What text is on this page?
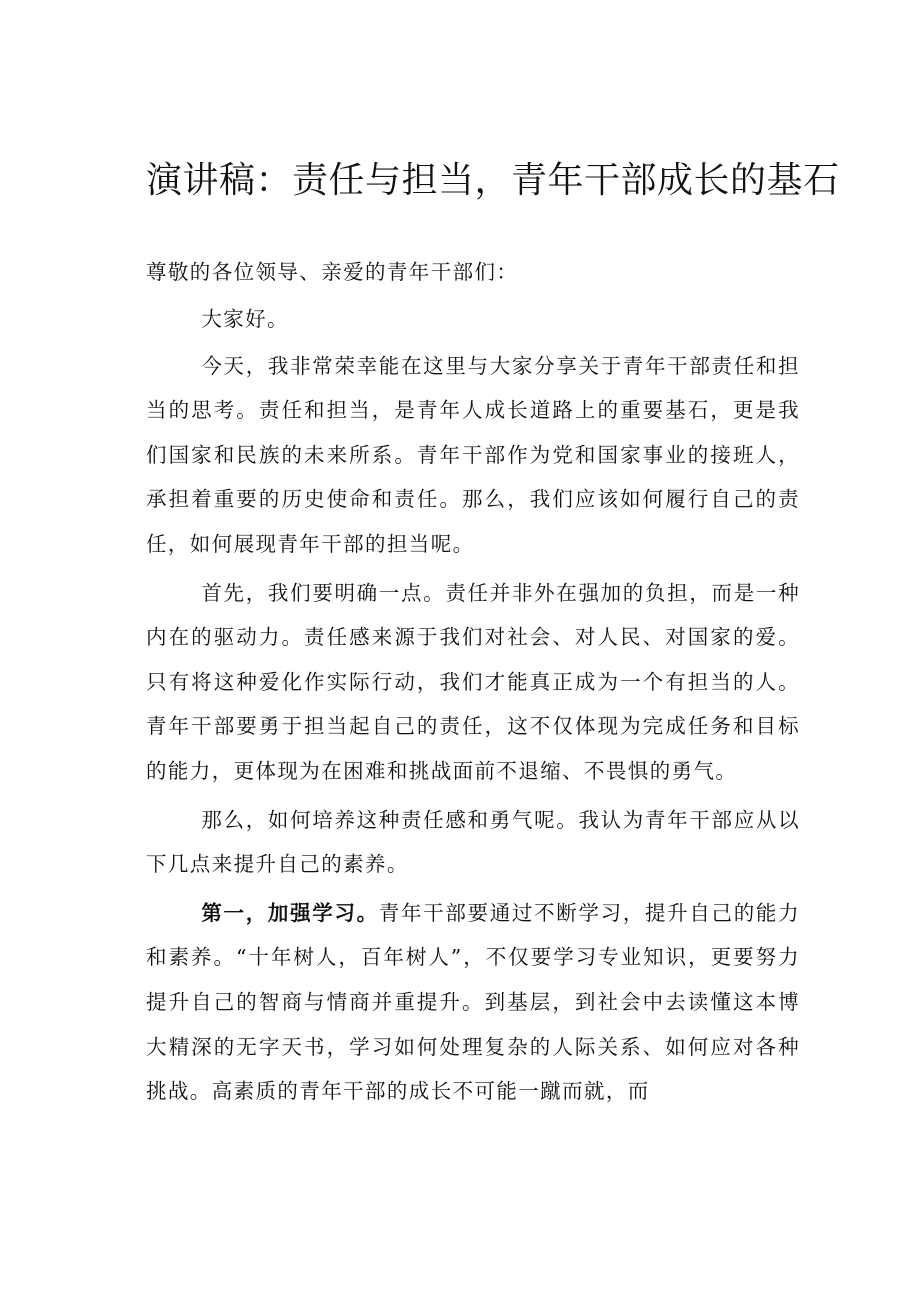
演讲稿：责任与担当，青年干部成长的基石

尊敬的各位领导、亲爱的青年干部们：

大家好。

今天，我非常荣幸能在这里与大家分享关于青年干部责任和担当的思考。责任和担当，是青年人成长道路上的重要基石，更是我们国家和民族的未来所系。青年干部作为党和国家事业的接班人，承担着重要的历史使命和责任。那么，我们应该如何履行自己的责任，如何展现青年干部的担当呢。

首先，我们要明确一点。责任并非外在强加的负担，而是一种内在的驱动力。责任感来源于我们对社会、对人民、对国家的爱。只有将这种爱化作实际行动，我们才能真正成为一个有担当的人。青年干部要勇于担当起自己的责任，这不仅体现为完成任务和目标的能力，更体现为在困难和挑战面前不退缩、不畏惧的勇气。

那么，如何培养这种责任感和勇气呢。我认为青年干部应从以下几点来提升自己的素养。

第一，加强学习。青年干部要通过不断学习，提升自己的能力和素养。“十年树人，百年树人”，不仅要学习专业知识，更要努力提升自己的智商与情商并重提升。到基层，到社会中去读懂这本博大精深的无字天书，学习如何处理复杂的人际关系、如何应对各种挑战。高素质的青年干部的成长不可能一蹴而就，而
